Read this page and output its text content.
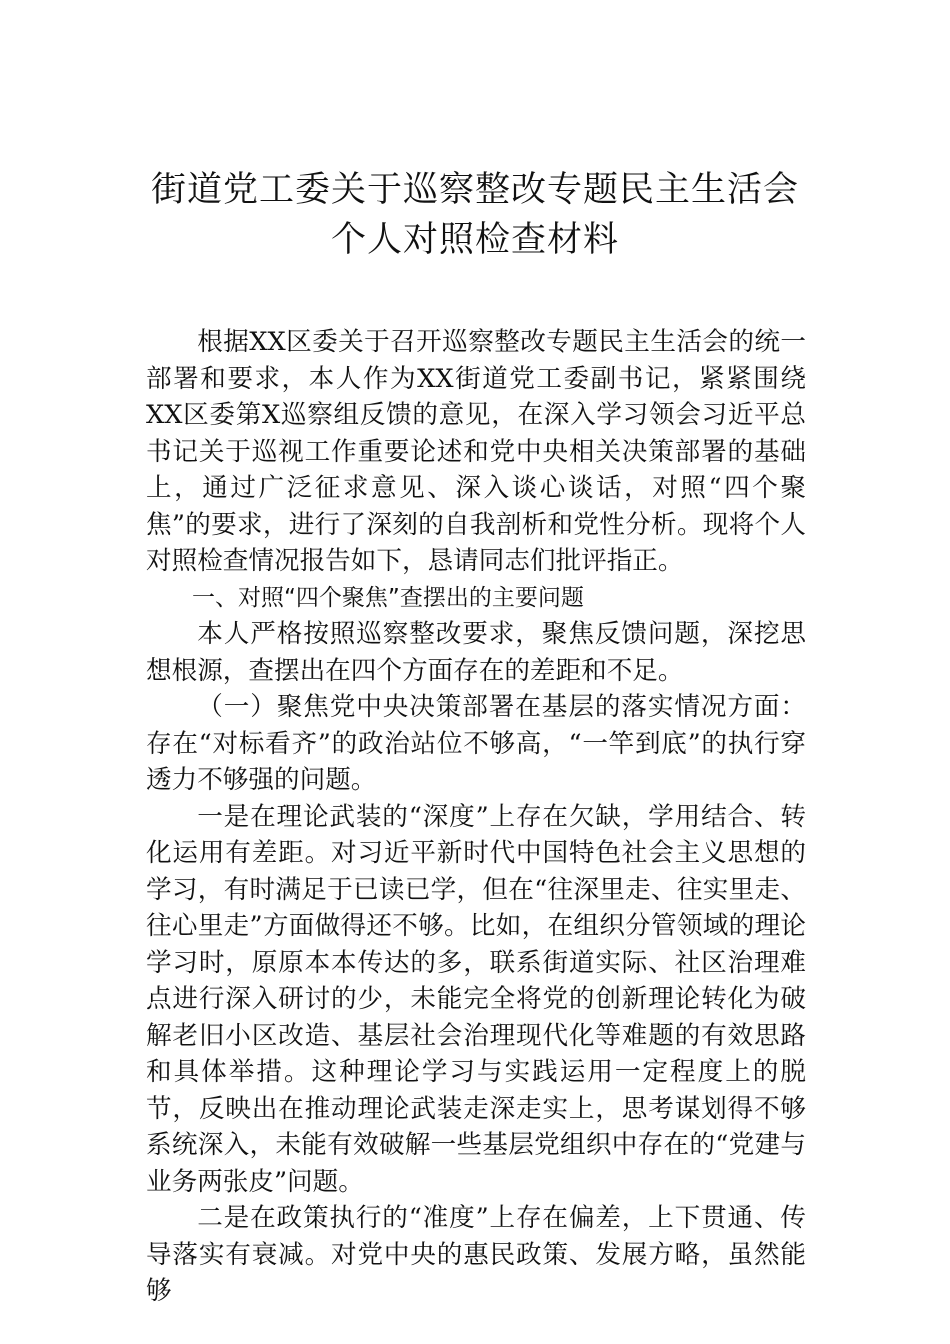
街道党工委关于巡察整改专题民主生活会
个人对照检查材料

根据XX区委关于召开巡察整改专题民主生活会的统一部署和要求，本人作为XX街道党工委副书记，紧紧围绕XX区委第X巡察组反馈的意见，在深入学习领会习近平总书记关于巡视工作重要论述和党中央相关决策部署的基础上，通过广泛征求意见、深入谈心谈话，对照“四个聚焦”的要求，进行了深刻的自我剖析和党性分析。现将个人对照检查情况报告如下，恳请同志们批评指正。

一、对照“四个聚焦”查摆出的主要问题

本人严格按照巡察整改要求，聚焦反馈问题，深挖思想根源，查摆出在四个方面存在的差距和不足。

（一）聚焦党中央决策部署在基层的落实情况方面：存在“对标看齐”的政治站位不够高，“一竿到底”的执行穿透力不够强的问题。

一是在理论武装的“深度”上存在欠缺，学用结合、转化运用有差距。对习近平新时代中国特色社会主义思想的学习，有时满足于已读已学，但在“往深里走、往实里走、往心里走”方面做得还不够。比如，在组织分管领域的理论学习时，原原本本传达的多，联系街道实际、社区治理难点进行深入研讨的少，未能完全将党的创新理论转化为破解老旧小区改造、基层社会治理现代化等难题的有效思路和具体举措。这种理论学习与实践运用一定程度上的脱节，反映出在推动理论武装走深走实上，思考谋划得不够系统深入，未能有效破解一些基层党组织中存在的“党建与业务两张皮”问题。

二是在政策执行的“准度”上存在偏差，上下贯通、传导落实有衰减。对党中央的惠民政策、发展方略，虽然能够
